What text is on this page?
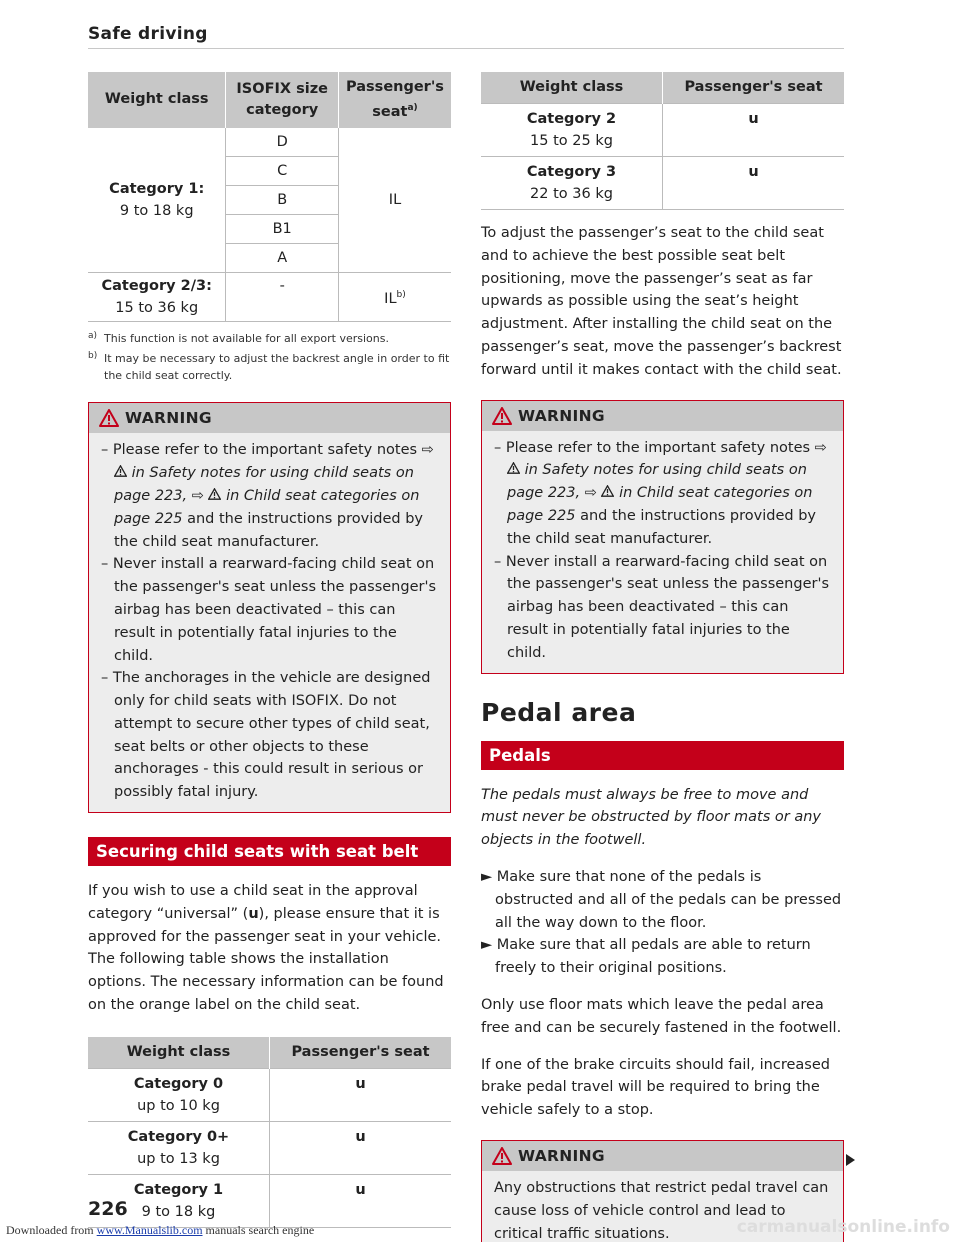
Safe driving
Weight class	ISOFIX size category	Passenger's seat$^{a)}$

Category 1:
9 to 18 kg	D	IL
	C	
	B	
	B1	
	A	

Category 2/3:
15 to 36 kg	-	IL$^{b)}$
a) This function is not available for all export versions.
b) It may be necessary to adjust the backrest angle in order to fit the child seat correctly.
WARNING
– Please refer to the important safety notes ⇨  in Safety notes for using child seats on page 223, ⇨ in Child seat categories on page 225 and the instructions provided by the child seat manufacturer.
– Never install a rearward-facing child seat on the passenger's seat unless the passenger's airbag has been deactivated – this can result in potentially fatal injuries to the child.
– The anchorages in the vehicle are designed only for child seats with ISOFIX. Do not attempt to secure other types of child seat, seat belts or other objects to these anchorages - this could result in serious or possibly fatal injury.
Securing child seats with seat belt

If you wish to use a child seat in the approval category “universal” (u), please ensure that it is approved for the passenger seat in your vehicle. The following table shows the installation options. The necessary information can be found on the orange label on the child seat.

Weight class	Passenger's seat

Category 0
up to 10 kg	u

Category 0+
up to 13 kg	u

Category 1
9 to 18 kg	u
Weight class	Passenger's seat

Category 2
15 to 25 kg	u

Category 3
22 to 36 kg	u

To adjust the passenger’s seat to the child seat and to achieve the best possible seat belt positioning, move the passenger’s seat as far upwards as possible using the seat’s height adjustment. After installing the child seat on the passenger’s seat, move the passenger’s backrest forward until it makes contact with the child seat.

WARNING
– Please refer to the important safety notes ⇨  in Safety notes for using child seats on page 223, ⇨ in Child seat categories on page 225 and the instructions provided by the child seat manufacturer.
– Never install a rearward-facing child seat on the passenger's seat unless the passenger's airbag has been deactivated – this can result in potentially fatal injuries to the child.
Pedal area
Pedals

The pedals must always be free to move and must never be obstructed by floor mats or any objects in the footwell.

► Make sure that none of the pedals is obstructed and all of the pedals can be pressed all the way down to the floor.
► Make sure that all pedals are able to return freely to their original positions.

Only use floor mats which leave the pedal area free and can be securely fastened in the footwell.

If one of the brake circuits should fail, increased brake pedal travel will be required to bring the vehicle safely to a stop.

WARNING

Any obstructions that restrict pedal travel can cause loss of vehicle control and lead to critical traffic situations.

226
Downloaded from www.Manualslib.com manuals search engine	carmanualsonline.info
